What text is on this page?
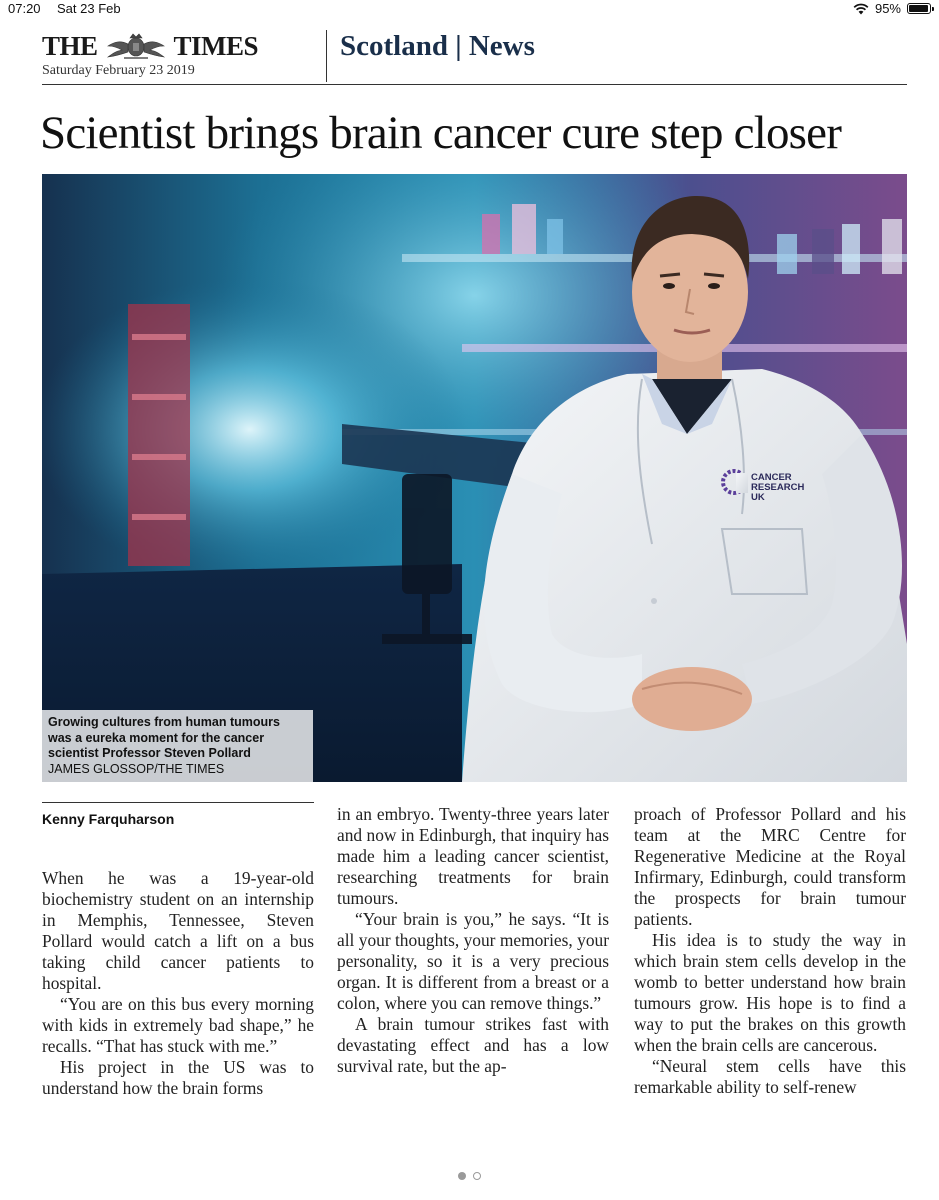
07:20 Sat 23 Feb	95%
THE	TIMES
Saturday February 23 2019
Scotland | News
Scientist brings brain cancer cure step closer
CANCER
RESEARCH
UK
Growing cultures from human tumours was a eureka moment for the cancer scientist Professor Steven Pollard
JAMES GLOSSOP/THE TIMES
Kenny Farquharson

When he was a 19-year-old biochemistry student on an internship in Memphis, Tennessee, Steven Pollard would catch a lift on a bus taking child cancer patients to hospital.

“You are on this bus every morning with kids in extremely bad shape,” he recalls. “That has stuck with me.”

His project in the US was to understand how the brain forms

in an embryo. Twenty-three years later and now in Edinburgh, that inquiry has made him a leading cancer scientist, researching treatments for brain tumours.

“Your brain is you,” he says. “It is all your thoughts, your memories, your personality, so it is a very precious organ. It is different from a breast or a colon, where you can remove things.”

A brain tumour strikes fast with devastating effect and has a low survival rate, but the ap-

proach of Professor Pollard and his team at the MRC Centre for Regenerative Medicine at the Royal Infirmary, Edinburgh, could transform the prospects for brain tumour patients.

His idea is to study the way in which brain stem cells develop in the womb to better understand how brain tumours grow. His hope is to find a way to put the brakes on this growth when the brain cells are cancerous.

“Neural stem cells have this remarkable ability to self-renew
